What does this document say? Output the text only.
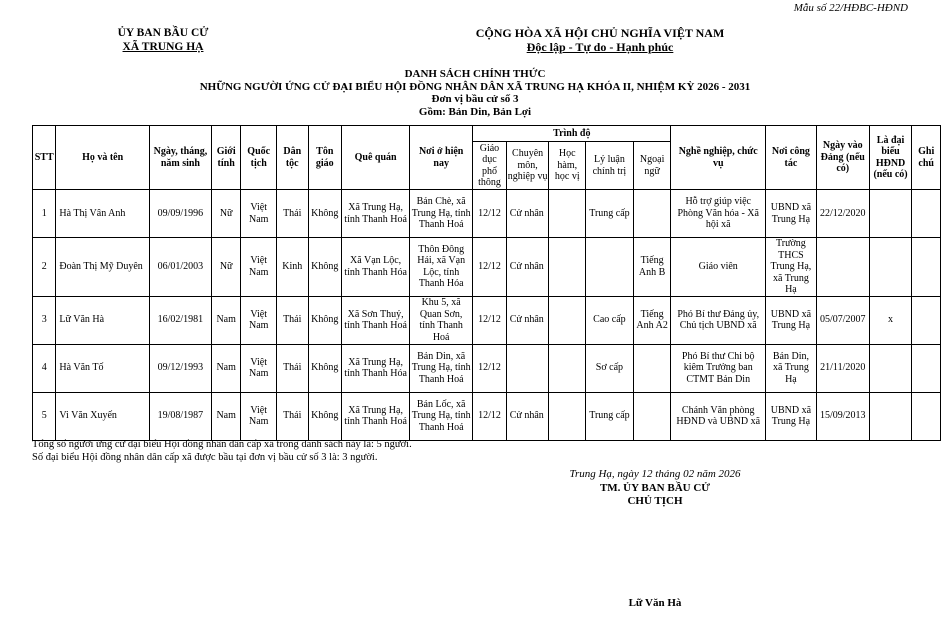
Mẫu số 22/HĐBC-HĐND
ỦY BAN BẦU CỬ
XÃ TRUNG HẠ
CỘNG HÒA XÃ HỘI CHỦ NGHĨA VIỆT NAM
Độc lập - Tự do - Hạnh phúc
DANH SÁCH CHÍNH THỨC
NHỮNG NGƯỜI ỨNG CỬ ĐẠI BIỂU HỘI ĐỒNG NHÂN DÂN XÃ TRUNG HẠ KHÓA II, NHIỆM KỲ 2026 - 2031
Đơn vị bầu cử số 3
Gồm: Bản Din, Bản Lợi
STT	Họ và tên	Ngày, tháng, năm sinh	Giới tính	Quốc tịch	Dân tộc	Tôn giáo	Quê quán	Nơi ở hiện nay	Trình độ					Nghề nghiệp, chức vụ	Nơi công tác	Ngày vào Đảng (nếu có)	Là đại biểu HĐND (nếu có)	Ghi chú
									Giáo dục phổ thông	Chuyên môn, nghiệp vụ	Học hàm, học vị	Lý luận chính trị	Ngoại ngữ					
1	Hà Thị Vân Anh	09/09/1996	Nữ	Việt Nam	Thái	Không	Xã Trung Hạ, tỉnh Thanh Hoá	Bản Chè, xã Trung Hạ, tỉnh Thanh Hoá	12/12	Cử nhân		Trung cấp		Hỗ trợ giúp việc Phòng Văn hóa - Xã hội xã	UBND xã Trung Hạ	22/12/2020		
2	Đoàn Thị Mỹ Duyên	06/01/2003	Nữ	Việt Nam	Kinh	Không	Xã Vạn Lộc, tỉnh Thanh Hóa	Thôn Đông Hải, xã Vạn Lộc, tỉnh Thanh Hóa	12/12	Cử nhân			Tiếng Anh B	Giáo viên	Trường THCS Trung Hạ, xã Trung Hạ			
3	Lữ Văn Hà	16/02/1981	Nam	Việt Nam	Thái	Không	Xã Sơn Thuỷ, tỉnh Thanh Hoá	Khu 5, xã Quan Sơn, tỉnh Thanh Hoá	12/12	Cử nhân		Cao cấp	Tiếng Anh A2	Phó Bí thư Đảng ủy, Chủ tịch UBND xã	UBND xã Trung Hạ	05/07/2007	x	
4	Hà Văn Tố	09/12/1993	Nam	Việt Nam	Thái	Không	Xã Trung Hạ, tỉnh Thanh Hóa	Bản Din, xã Trung Hạ, tỉnh Thanh Hoá	12/12			Sơ cấp		Phó Bí thư Chi bộ kiêm Trưởng ban CTMT Bản Din	Bản Din, xã Trung Hạ	21/11/2020		
5	Vi Văn Xuyến	19/08/1987	Nam	Việt Nam	Thái	Không	Xã Trung Hạ, tỉnh Thanh Hoá	Bản Lốc, xã Trung Hạ, tỉnh Thanh Hoá	12/12	Cử nhân		Trung cấp		Chánh Văn phòng HĐND và UBND xã	UBND xã Trung Hạ	15/09/2013		
Tổng số người ứng cử đại biểu Hội đồng nhân dân cấp xã trong danh sách này là: 5 người.
Số đại biểu Hội đồng nhân dân cấp xã được bầu tại đơn vị bầu cử số 3 là: 3 người.
Trung Hạ, ngày 12 tháng 02 năm 2026
TM. ỦY BAN BẦU CỬ
CHỦ TỊCH
Lữ Văn Hà
